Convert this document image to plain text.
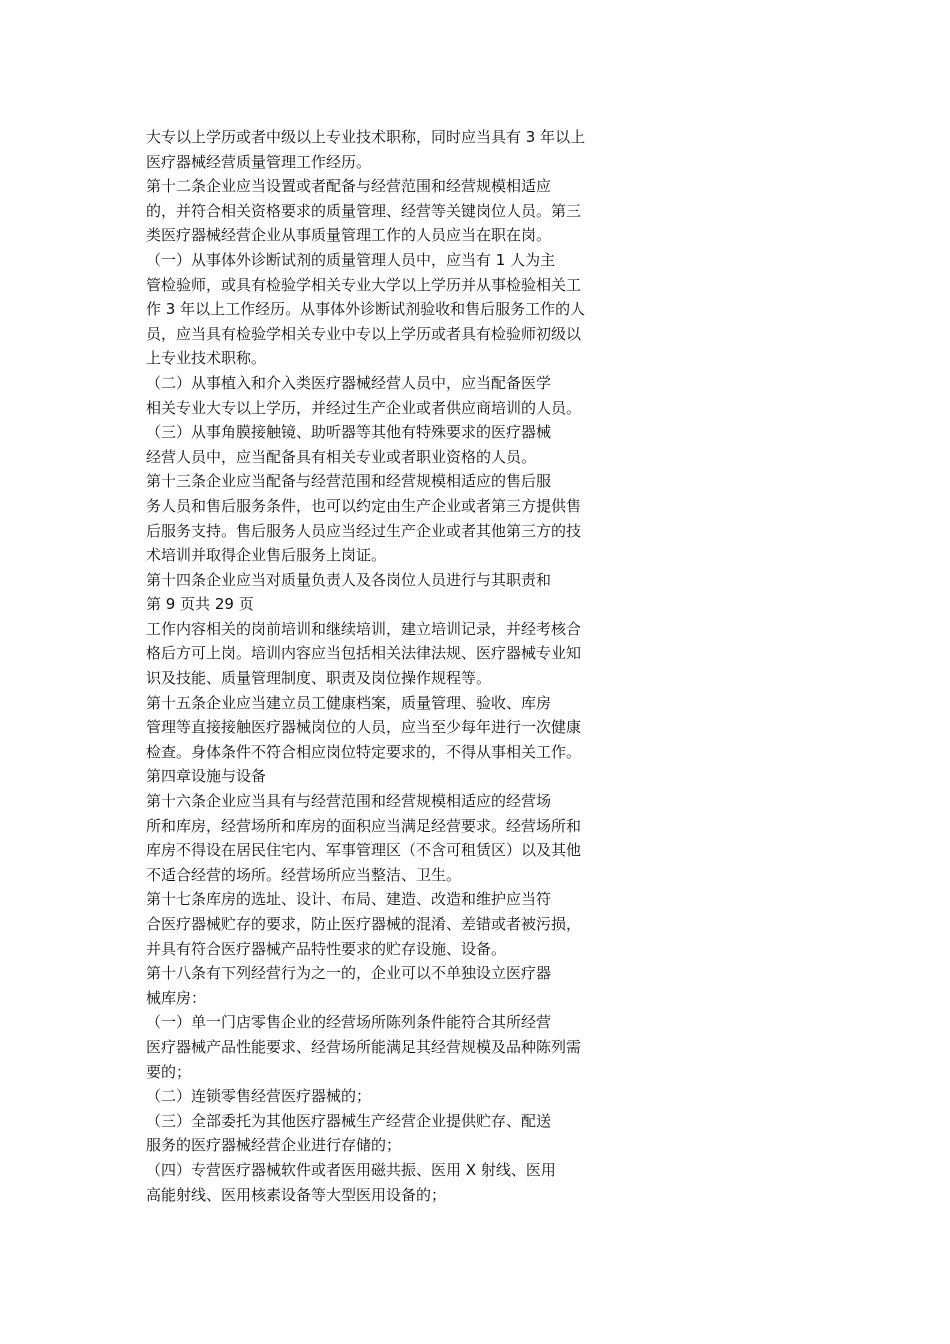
大专以上学历或者中级以上专业技术职称，同时应当具有 3 年以上
医疗器械经营质量管理工作经历。
第十二条企业应当设置或者配备与经营范围和经营规模相适应
的，并符合相关资格要求的质量管理、经营等关键岗位人员。第三
类医疗器械经营企业从事质量管理工作的人员应当在职在岗。
（一）从事体外诊断试剂的质量管理人员中，应当有 1 人为主
管检验师，或具有检验学相关专业大学以上学历并从事检验相关工
作 3 年以上工作经历。从事体外诊断试剂验收和售后服务工作的人
员，应当具有检验学相关专业中专以上学历或者具有检验师初级以
上专业技术职称。
（二）从事植入和介入类医疗器械经营人员中，应当配备医学
相关专业大专以上学历，并经过生产企业或者供应商培训的人员。
（三）从事角膜接触镜、助听器等其他有特殊要求的医疗器械
经营人员中，应当配备具有相关专业或者职业资格的人员。
第十三条企业应当配备与经营范围和经营规模相适应的售后服
务人员和售后服务条件，也可以约定由生产企业或者第三方提供售
后服务支持。售后服务人员应当经过生产企业或者其他第三方的技
术培训并取得企业售后服务上岗证。
第十四条企业应当对质量负责人及各岗位人员进行与其职责和
第 9 页共 29 页
工作内容相关的岗前培训和继续培训，建立培训记录，并经考核合
格后方可上岗。培训内容应当包括相关法律法规、医疗器械专业知
识及技能、质量管理制度、职责及岗位操作规程等。
第十五条企业应当建立员工健康档案，质量管理、验收、库房
管理等直接接触医疗器械岗位的人员，应当至少每年进行一次健康
检查。身体条件不符合相应岗位特定要求的，不得从事相关工作。
第四章设施与设备
第十六条企业应当具有与经营范围和经营规模相适应的经营场
所和库房，经营场所和库房的面积应当满足经营要求。经营场所和
库房不得设在居民住宅内、军事管理区（不含可租赁区）以及其他
不适合经营的场所。经营场所应当整洁、卫生。
第十七条库房的选址、设计、布局、建造、改造和维护应当符
合医疗器械贮存的要求，防止医疗器械的混淆、差错或者被污损，
并具有符合医疗器械产品特性要求的贮存设施、设备。
第十八条有下列经营行为之一的，企业可以不单独设立医疗器
械库房：
（一）单一门店零售企业的经营场所陈列条件能符合其所经营
医疗器械产品性能要求、经营场所能满足其经营规模及品种陈列需
要的；
（二）连锁零售经营医疗器械的；
（三）全部委托为其他医疗器械生产经营企业提供贮存、配送
服务的医疗器械经营企业进行存储的；
（四）专营医疗器械软件或者医用磁共振、医用 X 射线、医用
高能射线、医用核素设备等大型医用设备的；
